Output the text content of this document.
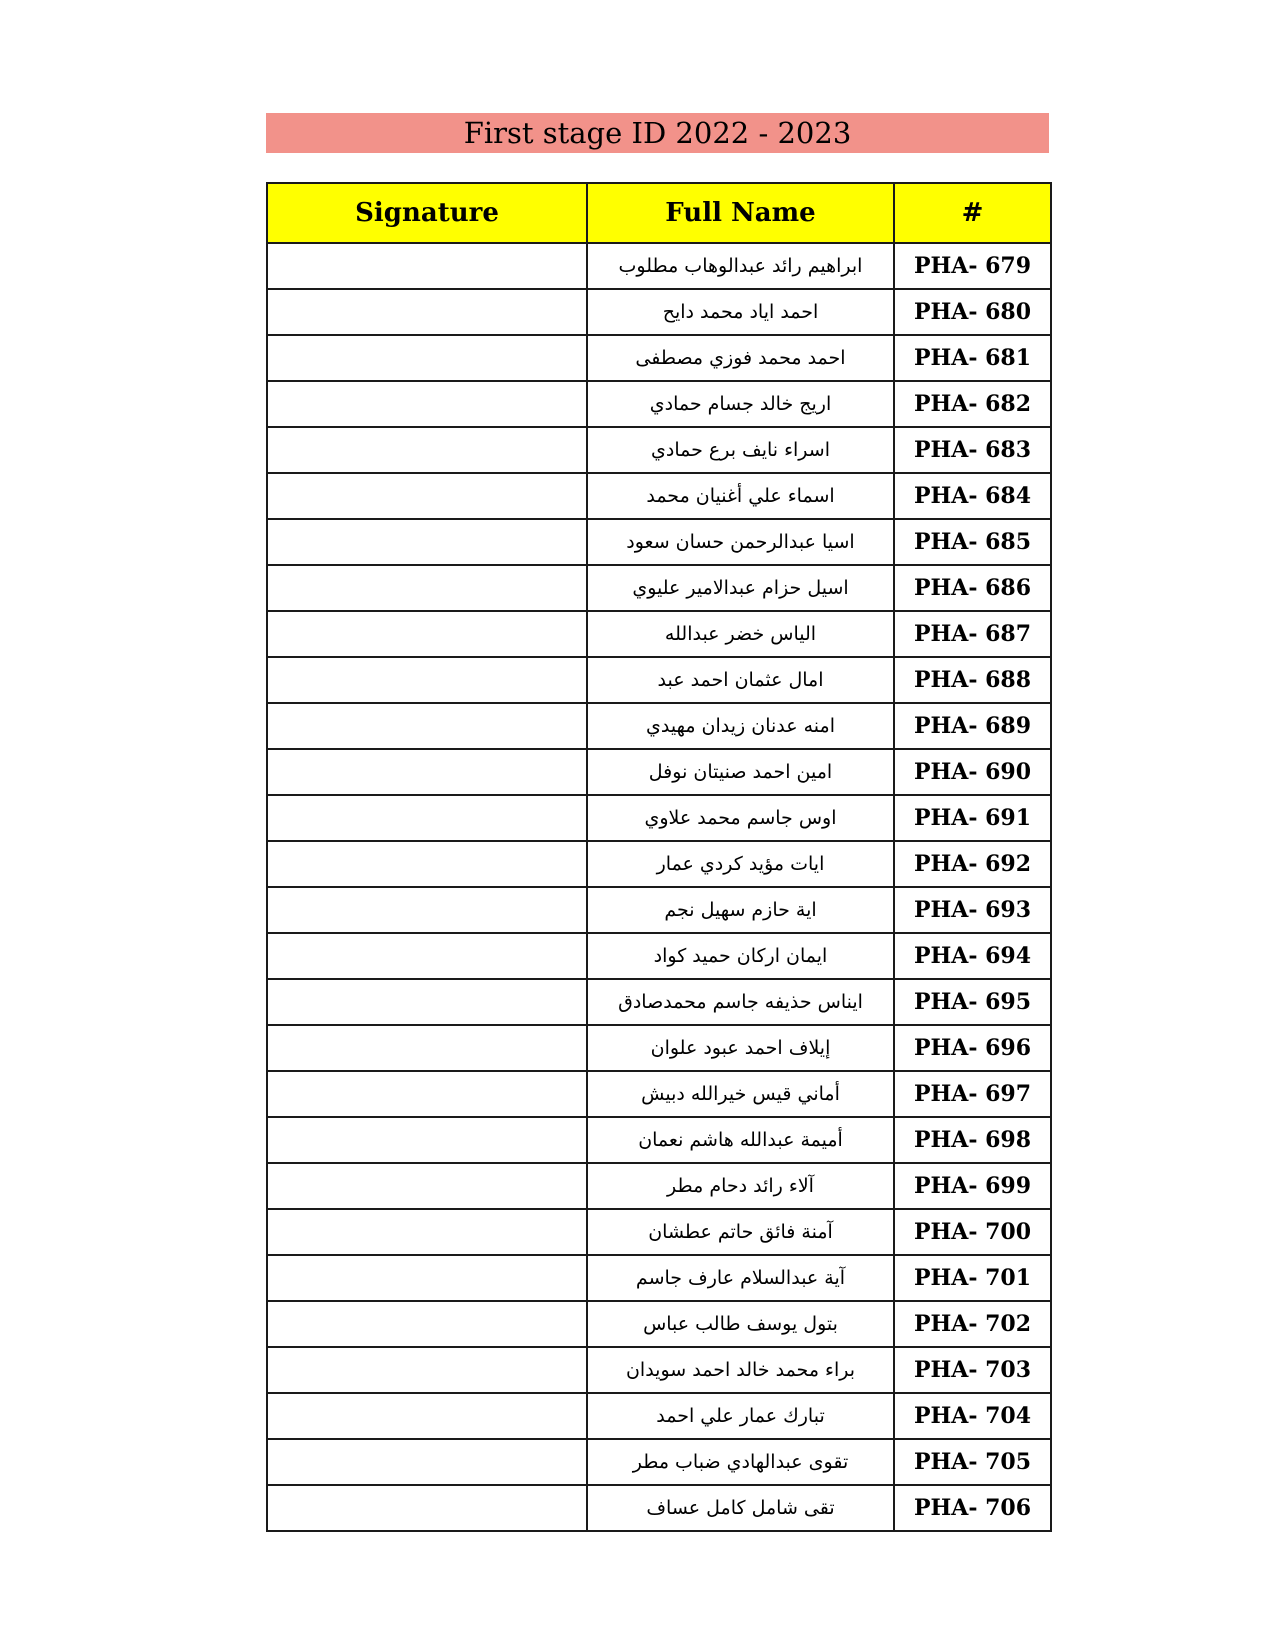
First stage ID 2022 - 2023
Signature	Full Name	#
	ابراهيم رائد عبدالوهاب مطلوب	PHA- 679
	احمد اياد محمد دايح	PHA- 680
	احمد محمد فوزي مصطفى	PHA- 681
	اريج خالد جسام حمادي	PHA- 682
	اسراء نايف برع حمادي	PHA- 683
	اسماء علي أغنيان محمد	PHA- 684
	اسيا عبدالرحمن حسان سعود	PHA- 685
	اسيل حزام عبدالامير عليوي	PHA- 686
	الياس خضر عبدالله	PHA- 687
	امال عثمان احمد عبد	PHA- 688
	امنه عدنان زيدان مهيدي	PHA- 689
	امين احمد صنيتان نوفل	PHA- 690
	اوس جاسم محمد علاوي	PHA- 691
	ايات مؤيد كردي عمار	PHA- 692
	اية حازم سهيل نجم	PHA- 693
	ايمان اركان حميد كواد	PHA- 694
	ايناس حذيفه جاسم محمدصادق	PHA- 695
	إيلاف احمد عبود علوان	PHA- 696
	أماني قيس خيرالله دبيش	PHA- 697
	أميمة عبدالله هاشم نعمان	PHA- 698
	آلاء رائد دحام مطر	PHA- 699
	آمنة فائق حاتم عطشان	PHA- 700
	آية عبدالسلام عارف جاسم	PHA- 701
	بتول يوسف طالب عباس	PHA- 702
	براء محمد خالد احمد سويدان	PHA- 703
	تبارك عمار علي احمد	PHA- 704
	تقوى عبدالهادي ضباب مطر	PHA- 705
	تقى شامل كامل عساف	PHA- 706
